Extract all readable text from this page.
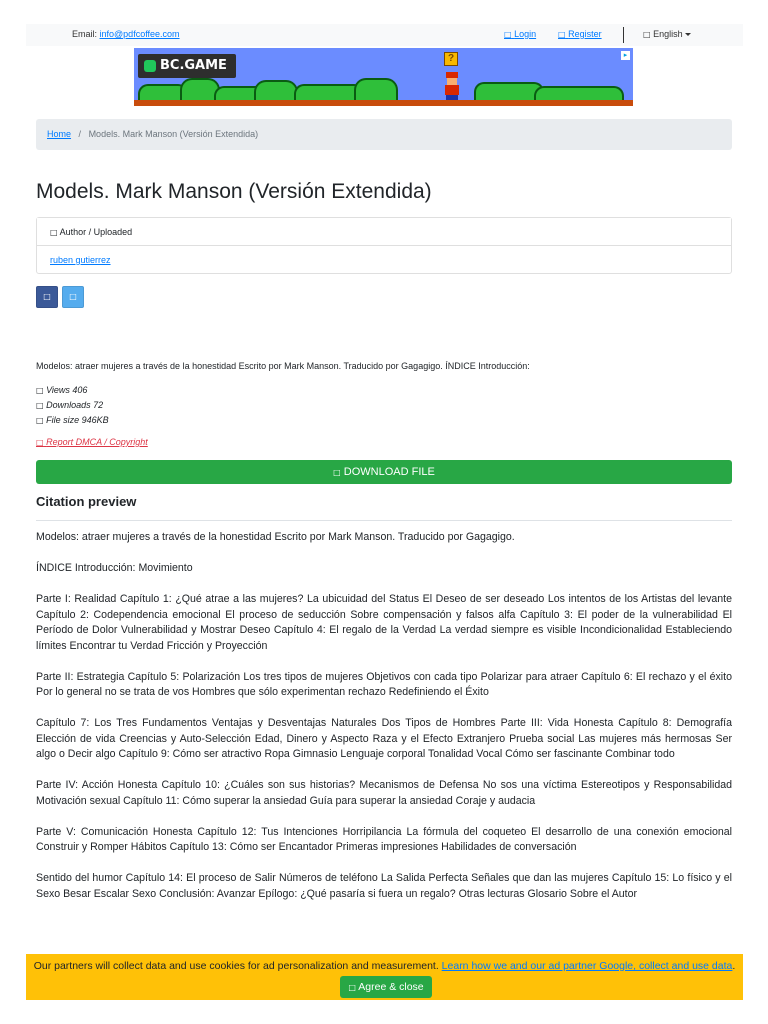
Email: info@pdfcoffee.com	□ Login	□ Register	□ English
BC.GAME	?	▸
Home / Models. Mark Manson (Versión Extendida)
Models. Mark Manson (Versión Extendida)
□ Author / Uploaded
ruben gutierrez
□	□

Modelos: atraer mujeres a través de la honestidad Escrito por Mark Manson. Traducido por Gagagigo. ÍNDICE Introducción:

□ Views 406
□ Downloads 72
□ File size 946KB
□ Report DMCA / Copyright
□ DOWNLOAD FILE
Citation preview

Modelos: atraer mujeres a través de la honestidad Escrito por Mark Manson. Traducido por Gagagigo.

ÍNDICE Introducción: Movimiento

Parte I: Realidad Capítulo 1: ¿Qué atrae a las mujeres? La ubicuidad del Status El Deseo de ser deseado Los intentos de los Artistas del levante Capítulo 2: Codependencia emocional El proceso de seducción Sobre compensación y falsos alfa Capítulo 3: El poder de la vulnerabilidad El Período de Dolor Vulnerabilidad y Mostrar Deseo Capítulo 4: El regalo de la Verdad La verdad siempre es visible Incondicionalidad Estableciendo límites Encontrar tu Verdad Fricción y Proyección

Parte II: Estrategia Capítulo 5: Polarización Los tres tipos de mujeres Objetivos con cada tipo Polarizar para atraer Capítulo 6: El rechazo y el éxito Por lo general no se trata de vos Hombres que sólo experimentan rechazo Redefiniendo el Éxito

Capítulo 7: Los Tres Fundamentos Ventajas y Desventajas Naturales Dos Tipos de Hombres Parte III: Vida Honesta Capítulo 8: Demografía Elección de vida Creencias y Auto-Selección Edad, Dinero y Aspecto Raza y el Efecto Extranjero Prueba social Las mujeres más hermosas Ser algo o Decir algo Capítulo 9: Cómo ser atractivo Ropa Gimnasio Lenguaje corporal Tonalidad Vocal Cómo ser fascinante Combinar todo

Parte IV: Acción Honesta Capítulo 10: ¿Cuáles son sus historias? Mecanismos de Defensa No sos una víctima Estereotipos y Responsabilidad Motivación sexual Capítulo 11: Cómo superar la ansiedad Guía para superar la ansiedad Coraje y audacia

Parte V: Comunicación Honesta Capítulo 12: Tus Intenciones Horripilancia La fórmula del coqueteo El desarrollo de una conexión emocional Construir y Romper Hábitos Capítulo 13: Cómo ser Encantador Primeras impresiones Habilidades de conversación

Sentido del humor Capítulo 14: El proceso de Salir Números de teléfono La Salida Perfecta Señales que dan las mujeres Capítulo 15: Lo físico y el Sexo Besar Escalar Sexo Conclusión: Avanzar Epílogo: ¿Qué pasaría si fuera un regalo? Otras lecturas Glosario Sobre el Autor

Our partners will collect data and use cookies for ad personalization and measurement. Learn how we and our ad partner Google, collect and use data. □ Agree & close
